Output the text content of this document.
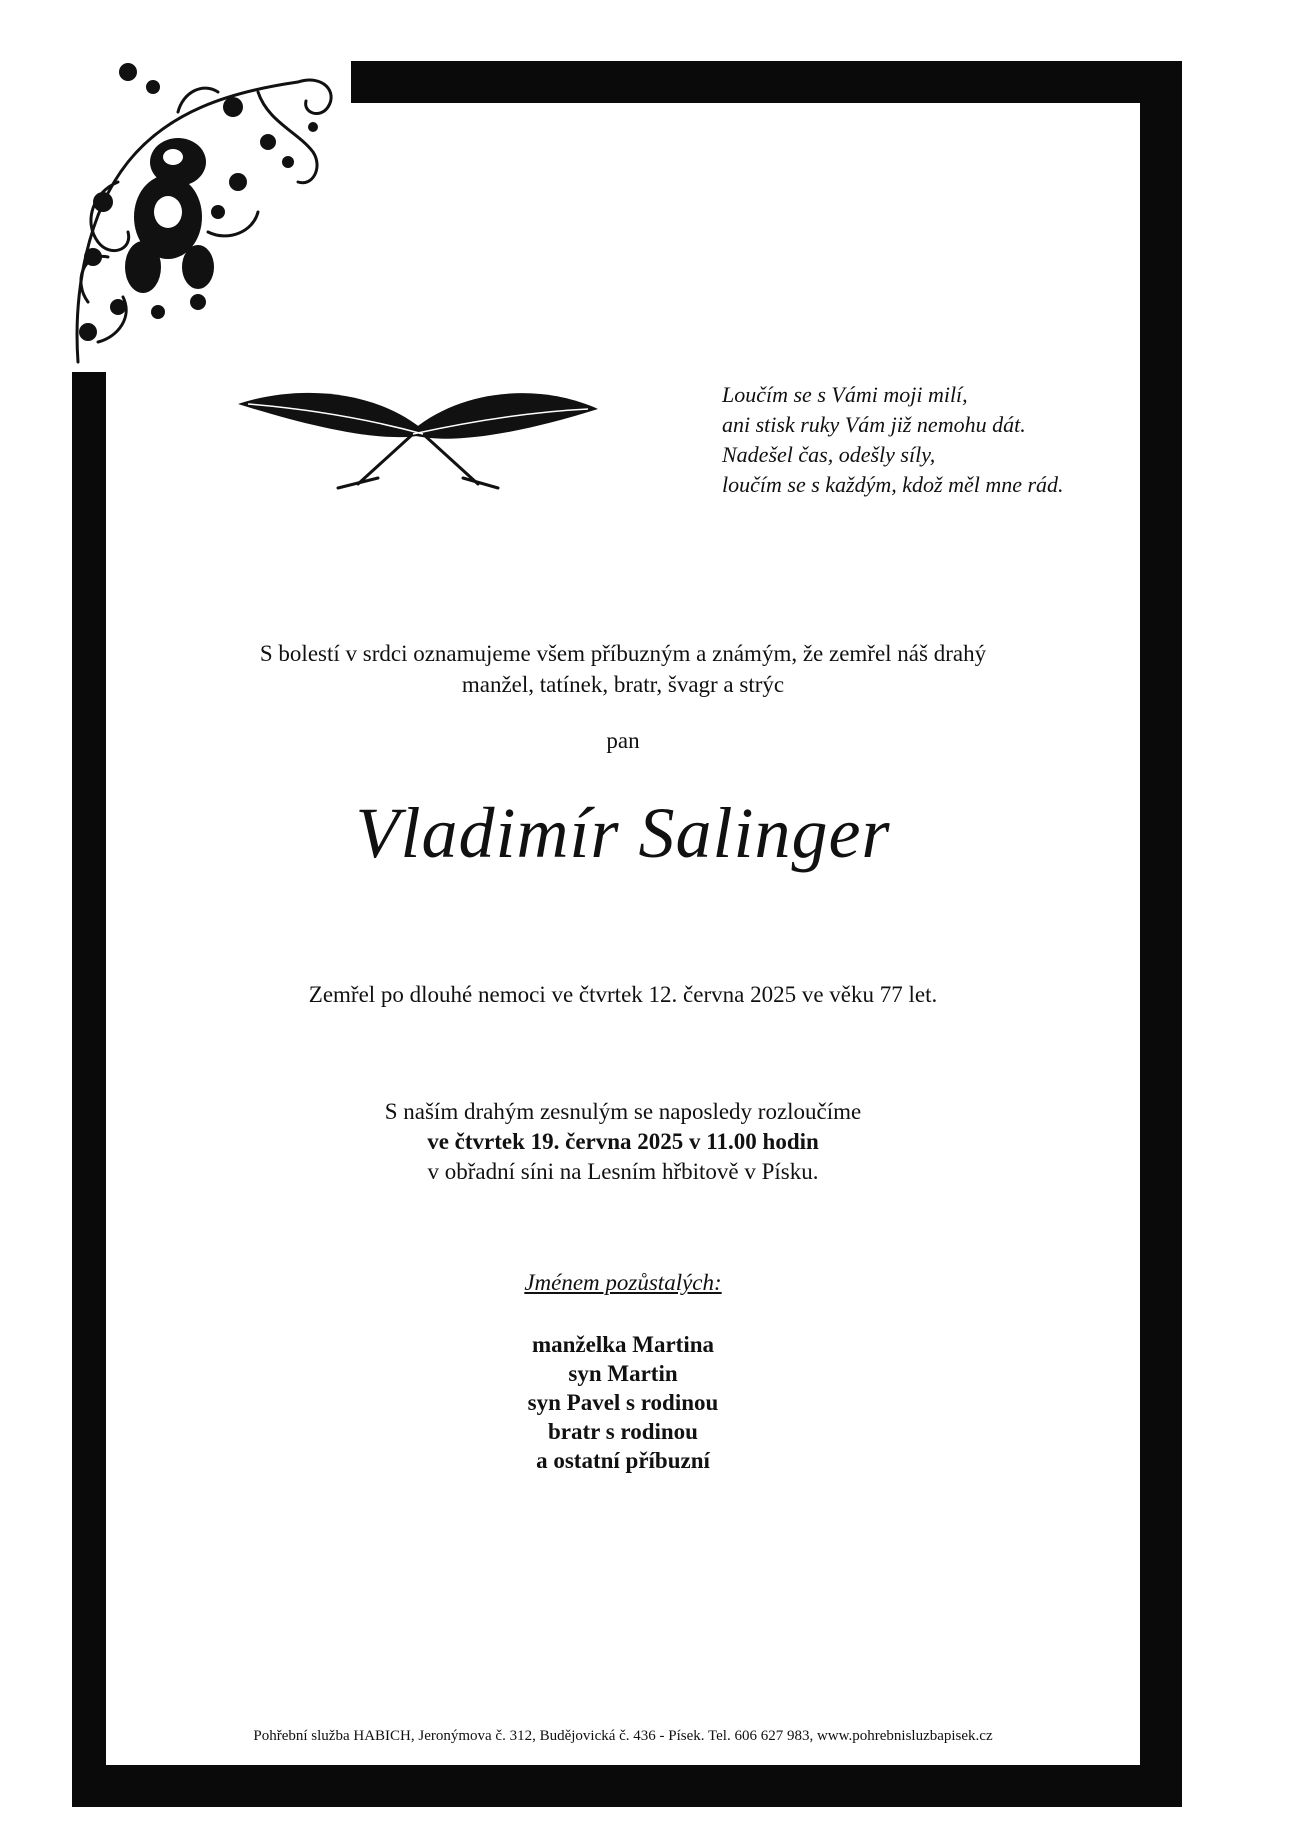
Loučím se s Vámi moji milí,
ani stisk ruky Vám již nemohu dát.
Nadešel čas, odešly síly,
loučím se s každým, kdož měl mne rád.
S bolestí v srdci oznamujeme všem příbuzným a známým, že zemřel náš drahý
manžel, tatínek, bratr, švagr a strýc
pan
Vladimír Salinger
Zemřel po dlouhé nemoci ve čtvrtek 12. června 2025 ve věku 77 let.
S naším drahým zesnulým se naposledy rozloučíme
ve čtvrtek 19. června 2025 v 11.00 hodin
v obřadní síni na Lesním hřbitově v Písku.
Jménem pozůstalých:
manželka Martina
syn Martin
syn Pavel s rodinou
bratr s rodinou
a ostatní příbuzní
Pohřební služba HABICH, Jeronýmova č. 312, Budějovická č. 436 - Písek. Tel. 606 627 983, www.pohrebnisluzbapisek.cz
